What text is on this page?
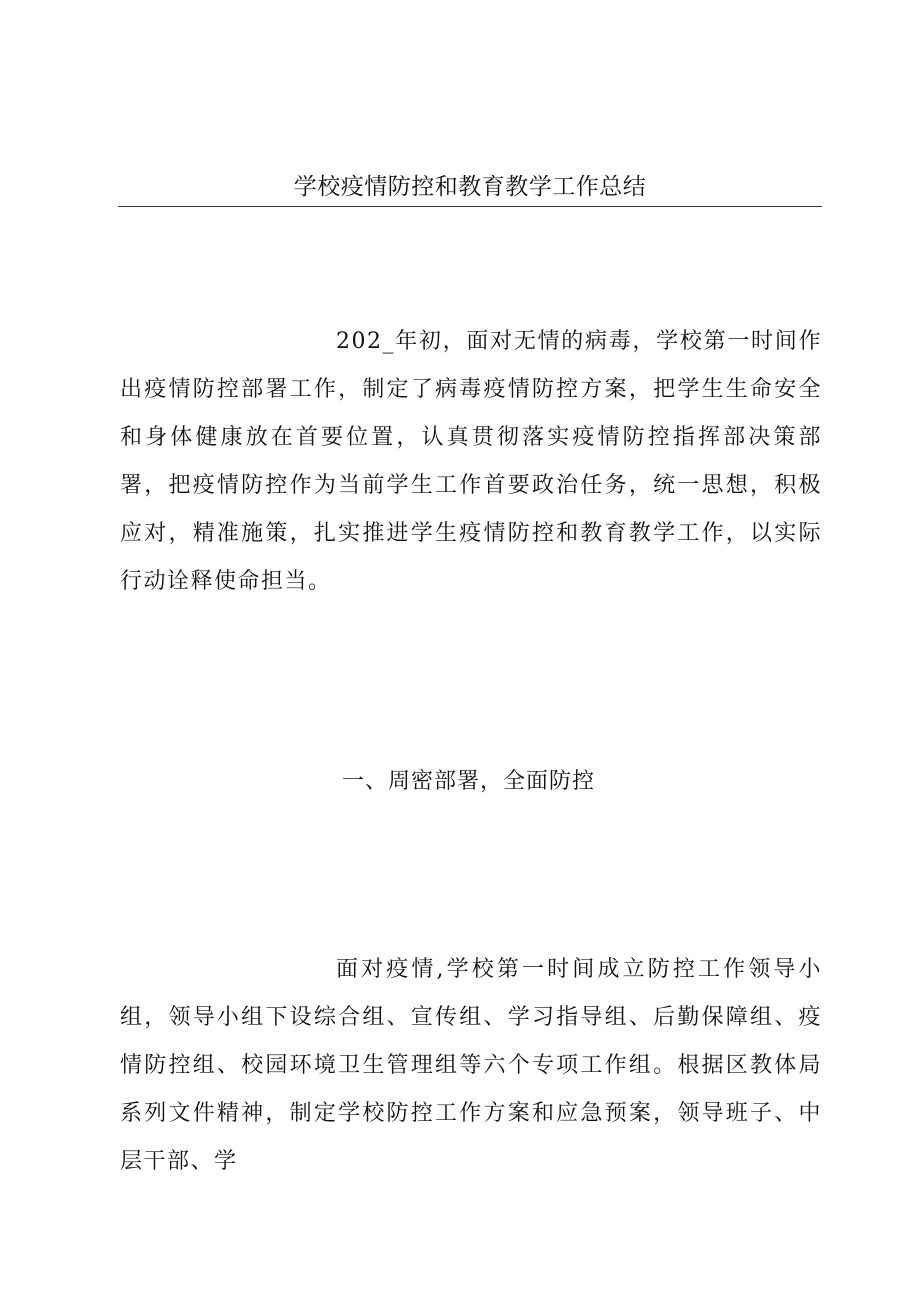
学校疫情防控和教育教学工作总结

202_年初，面对无情的病毒，学校第一时间作出疫情防控部署工作，制定了病毒疫情防控方案，把学生生命安全和身体健康放在首要位置，认真贯彻落实疫情防控指挥部决策部署，把疫情防控作为当前学生工作首要政治任务，统一思想，积极应对，精准施策，扎实推进学生疫情防控和教育教学工作，以实际行动诠释使命担当。

一、周密部署，全面防控

面对疫情,学校第一时间成立防控工作领导小组，领导小组下设综合组、宣传组、学习指导组、后勤保障组、疫情防控组、校园环境卫生管理组等六个专项工作组。根据区教体局系列文件精神，制定学校防控工作方案和应急预案，领导班子、中层干部、学
